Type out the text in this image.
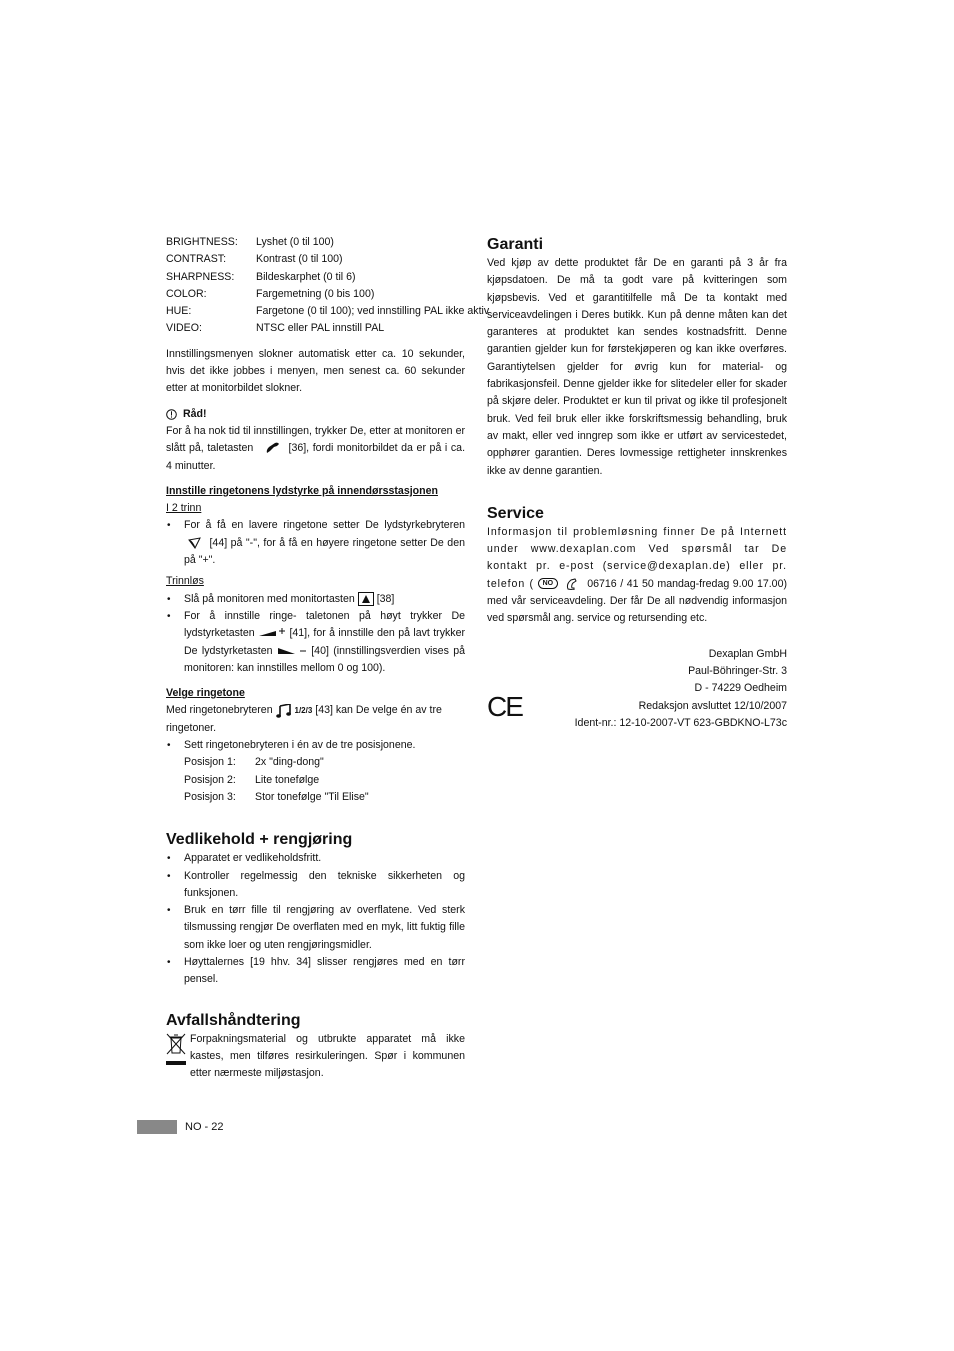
BRIGHTNESS:	Lyshet (0 til 100)
CONTRAST:	Kontrast (0 til 100)
SHARPNESS:	Bildeskarphet (0 til 6)
COLOR:	Fargemetning (0 bis 100)
HUE:	Fargetone (0 til 100); ved innstilling PAL ikke aktiv
VIDEO:	NTSC eller PAL innstill PAL

Innstillingsmenyen slokner automatisk etter ca. 10 sekunder, hvis det ikke jobbes i menyen, men senest ca. 60 sekunder etter at monitorbildet slokner.

Råd!

For å ha nok tid til innstillingen, trykker De, etter at monitoren er slått på, taletasten	[36], fordi monitorbildet da er på i ca. 4 minutter.

Innstille ringetonens lydstyrke på innendørsstasjonen
I 2 trinn
• For å få en lavere ringetone setter De lydstyrkebryteren  [44] på "-", for å få en høyere ringetone setter De den på "+".
Trinnløs
• Slå på monitoren med monitortasten [38]
• For å innstille ringe- taletonen på høyt trykker De lydstyrketasten	[41], for å innstille den på lavt trykker De lydstyrketasten	[40] (innstillingsverdien vises på monitoren: kan innstilles mellom 0 og 100).
Velge ringetone
Med ringetonebryteren	1/2/3 [43] kan De velge én av tre ringetoner.
• Sett ringetonebryteren i én av de tre posisjonene.
Posisjon 1:	2x "ding-dong"
Posisjon 2:	Lite tonefølge
Posisjon 3:	Stor tonefølge "Til Elise"
Vedlikehold + rengjøring
• Apparatet er vedlikeholdsfritt.
• Kontroller regelmessig den tekniske sikkerheten og funksjonen.
• Bruk en tørr fille til rengjøring av overflatene. Ved sterk tilsmussing rengjør De overflaten med en myk, litt fuktig fille som ikke loer og uten rengjøringsmidler.
• Høyttalernes [19 hhv. 34] slisser rengjøres med en tørr pensel.
Avfallshåndtering

Forpakningsmaterial og utbrukte apparatet må ikke kastes, men tilføres resirkuleringen. Spør i kommunen etter nærmeste miljøstasjon.

Garanti

Ved kjøp av dette produktet får De en garanti på 3 år fra kjøpsdatoen. De må ta godt vare på kvitteringen som kjøpsbevis. Ved et garantitilfelle må De ta kontakt med serviceavdelingen i Deres butikk. Kun på denne måten kan det garanteres at produktet kan sendes kostnadsfritt. Denne garantien gjelder kun for førstekjøperen og kan ikke overføres. Garantiytelsen gjelder for øvrig kun for material- og fabrikasjonsfeil. Denne gjelder ikke for slitedeler eller for skader på skjøre deler. Produktet er kun til privat og ikke til profesjonelt bruk. Ved feil bruk eller ikke forskriftsmessig behandling, bruk av makt, eller ved inngrep som ikke er utført av servicestedet, opphører garantien. Deres lovmessige rettigheter innskrenkes ikke av denne garantien.

Service

Informasjon til problemløsning finner De på Internett under www.dexaplan.com Ved spørsmål tar De kontakt pr. e-post (service@dexaplan.de) eller pr. telefon ( NO	06716 / 41 50 mandag-fredag 9.00 17.00) med vår serviceavdeling. Der får De all nødvendig informasjon ved spørsmål ang. service og retursending etc.

CE
Dexaplan GmbH
Paul-Böhringer-Str. 3
D - 74229 Oedheim
Redaksjon avsluttet 12/10/2007
Ident-nr.: 12-10-2007-VT 623-GBDKNO-L73c
NO - 22
